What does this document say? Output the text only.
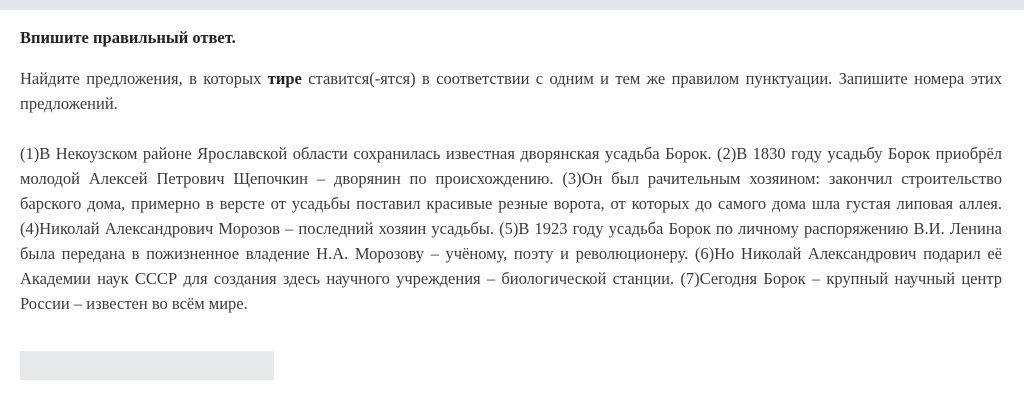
Впишите правильный ответ.

Найдите предложения, в которых тире ставится(-ятся) в соответствии с одним и тем же правилом пунктуации. Запишите номера этих предложений.

(1)В Некоузском районе Ярославской области сохранилась известная дворянская усадьба Борок. (2)В 1830 году усадьбу Борок приобрёл молодой Алексей Петрович Щепочкин – дворянин по происхождению. (3)Он был рачительным хозяином: закончил строительство барского дома, примерно в версте от усадьбы поставил красивые резные ворота, от которых до самого дома шла густая липовая аллея. (4)Николай Александрович Морозов – последний хозяин усадьбы. (5)В 1923 году усадьба Борок по личному распоряжению В.И. Ленина была передана в пожизненное владение Н.А. Морозову – учёному, поэту и революционеру. (6)Но Николай Александрович подарил её Академии наук СССР для создания здесь научного учреждения – биологической станции. (7)Сегодня Борок – крупный научный центр России – известен во всём мире.
